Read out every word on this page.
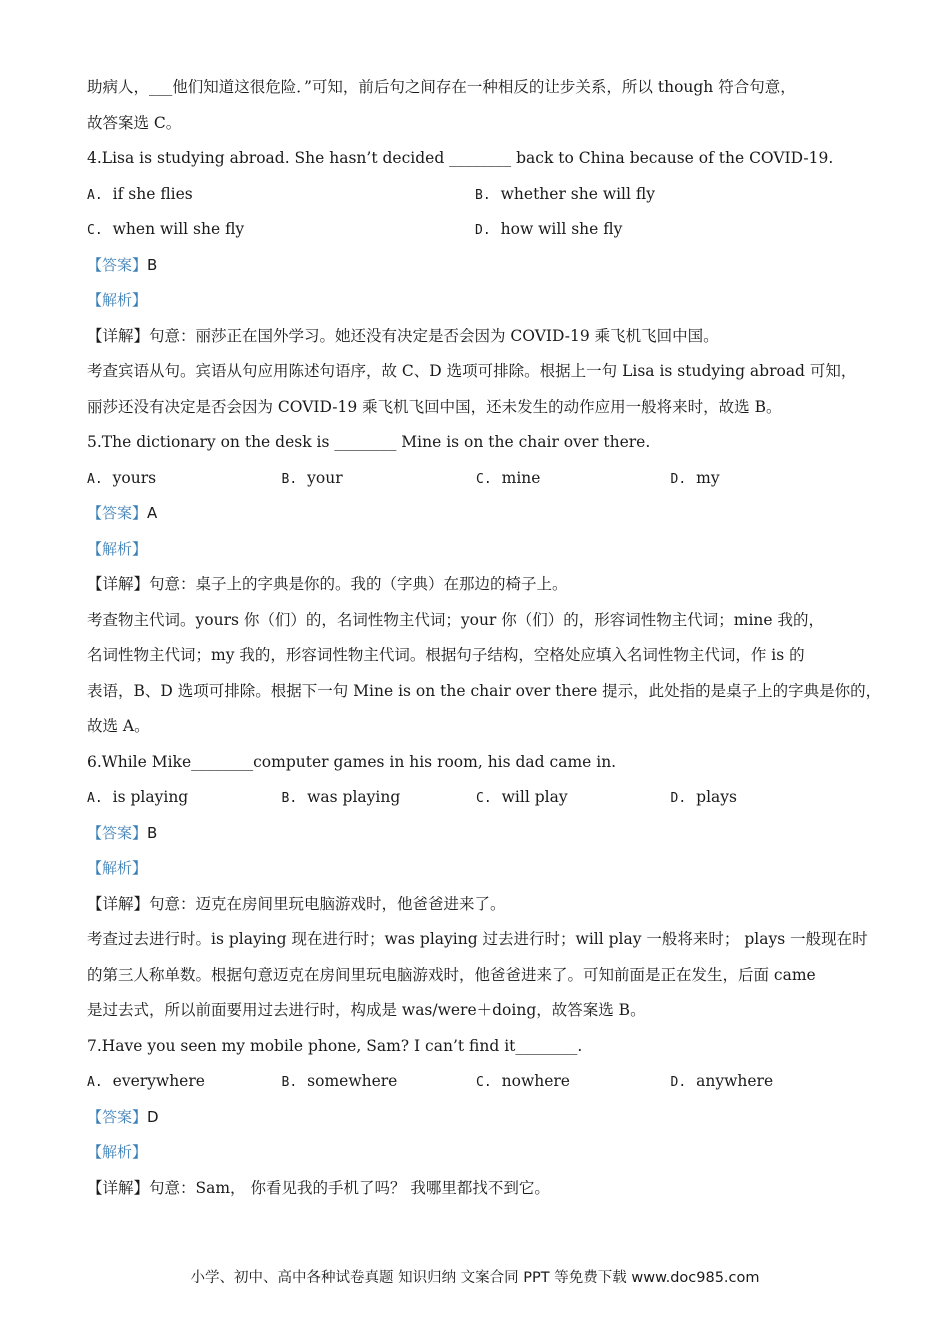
助病人，___他们知道这很危险．”可知，前后句之间存在一种相反的让步关系，所以 though 符合句意，
故答案选 C。
4.Lisa is studying abroad. She hasn’t decided ________ back to China because of the COVID-19.
A. if she flies	B. whether she will fly
C. when will she fly	D. how will she fly
【答案】B
【解析】
【详解】句意：丽莎正在国外学习。她还没有决定是否会因为 COVID-19 乘飞机飞回中国。
考查宾语从句。宾语从句应用陈述句语序，故 C、D 选项可排除。根据上一句 Lisa is studying abroad 可知，
丽莎还没有决定是否会因为 COVID-19 乘飞机飞回中国，还未发生的动作应用一般将来时，故选 B。
5.The dictionary on the desk is ________ Mine is on the chair over there.
A. yours	B. your	C. mine	D. my
【答案】A
【解析】
【详解】句意：桌子上的字典是你的。我的（字典）在那边的椅子上。
考查物主代词。yours 你（们）的，名词性物主代词；your 你（们）的，形容词性物主代词；mine 我的，
名词性物主代词；my 我的，形容词性物主代词。根据句子结构，空格处应填入名词性物主代词，作 is 的
表语，B、D 选项可排除。根据下一句 Mine is on the chair over there 提示，此处指的是桌子上的字典是你的，
故选 A。
6.While Mike________computer games in his room, his dad came in.
A. is playing	B. was playing	C. will play	D. plays
【答案】B
【解析】
【详解】句意：迈克在房间里玩电脑游戏时，他爸爸进来了。
考查过去进行时。is playing 现在进行时；was playing 过去进行时；will play 一般将来时； plays 一般现在时
的第三人称单数。根据句意迈克在房间里玩电脑游戏时，他爸爸进来了。可知前面是正在发生，后面 came
是过去式，所以前面要用过去进行时，构成是 was/were＋doing，故答案选 B。
7.Have you seen my mobile phone, Sam? I can’t find it________.
A. everywhere	B. somewhere	C. nowhere	D. anywhere
【答案】D
【解析】
【详解】句意：Sam， 你看见我的手机了吗？ 我哪里都找不到它。
小学、初中、高中各种试卷真题 知识归纳 文案合同 PPT 等免费下载 www.doc985.com
